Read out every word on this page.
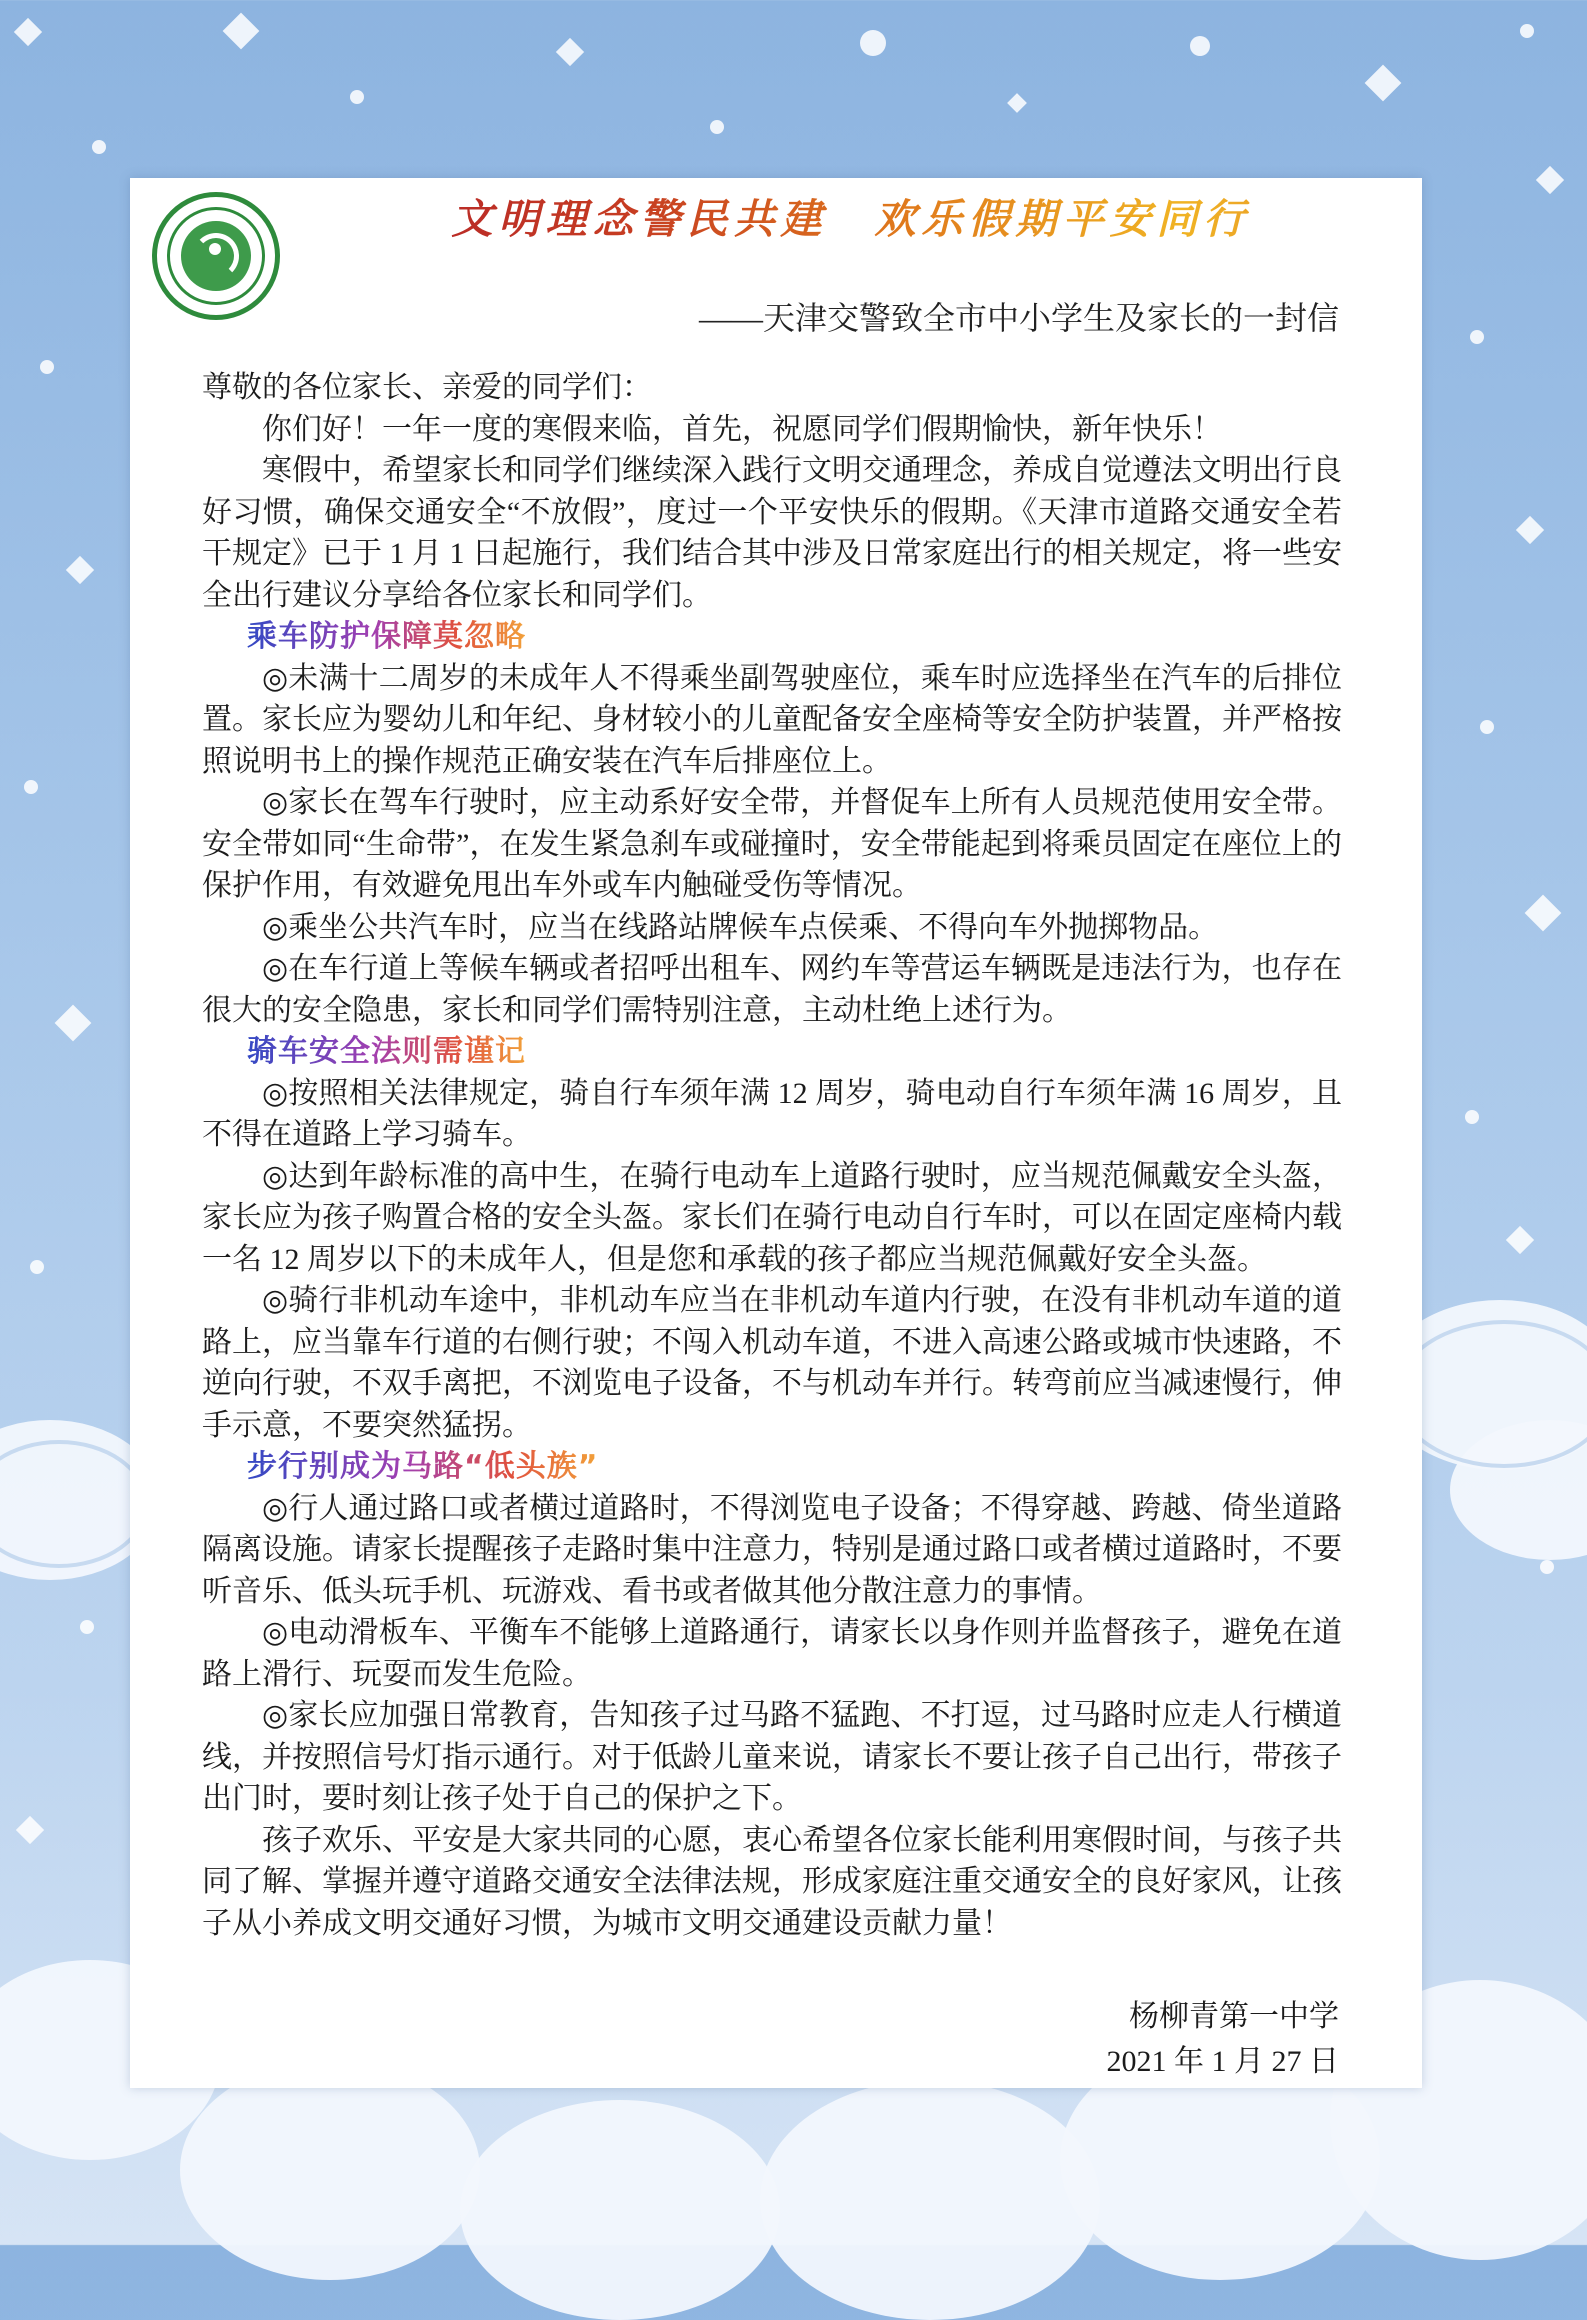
文明理念警民共建　欢乐假期平安同行
——天津交警致全市中小学生及家长的一封信

尊敬的各位家长、亲爱的同学们：

你们好！一年一度的寒假来临，首先，祝愿同学们假期愉快，新年快乐！

寒假中，希望家长和同学们继续深入践行文明交通理念，养成自觉遵法文明出行良好习惯，确保交通安全“不放假”，度过一个平安快乐的假期。《天津市道路交通安全若干规定》已于 1 月 1 日起施行，我们结合其中涉及日常家庭出行的相关规定，将一些安全出行建议分享给各位家长和同学们。

乘车防护保障莫忽略

◎未满十二周岁的未成年人不得乘坐副驾驶座位，乘车时应选择坐在汽车的后排位置。家长应为婴幼儿和年纪、身材较小的儿童配备安全座椅等安全防护装置，并严格按照说明书上的操作规范正确安装在汽车后排座位上。

◎家长在驾车行驶时，应主动系好安全带，并督促车上所有人员规范使用安全带。安全带如同“生命带”，在发生紧急刹车或碰撞时，安全带能起到将乘员固定在座位上的保护作用，有效避免甩出车外或车内触碰受伤等情况。

◎乘坐公共汽车时，应当在线路站牌候车点侯乘、不得向车外抛掷物品。

◎在车行道上等候车辆或者招呼出租车、网约车等营运车辆既是违法行为，也存在很大的安全隐患，家长和同学们需特别注意，主动杜绝上述行为。

骑车安全法则需谨记

◎按照相关法律规定，骑自行车须年满 12 周岁，骑电动自行车须年满 16 周岁，且不得在道路上学习骑车。

◎达到年龄标准的高中生，在骑行电动车上道路行驶时，应当规范佩戴安全头盔，家长应为孩子购置合格的安全头盔。家长们在骑行电动自行车时，可以在固定座椅内载一名 12 周岁以下的未成年人，但是您和承载的孩子都应当规范佩戴好安全头盔。

◎骑行非机动车途中，非机动车应当在非机动车道内行驶，在没有非机动车道的道路上，应当靠车行道的右侧行驶；不闯入机动车道，不进入高速公路或城市快速路，不逆向行驶，不双手离把，不浏览电子设备，不与机动车并行。转弯前应当减速慢行，伸手示意，不要突然猛拐。

步行别成为马路“低头族”

◎行人通过路口或者横过道路时，不得浏览电子设备；不得穿越、跨越、倚坐道路隔离设施。请家长提醒孩子走路时集中注意力，特别是通过路口或者横过道路时，不要听音乐、低头玩手机、玩游戏、看书或者做其他分散注意力的事情。

◎电动滑板车、平衡车不能够上道路通行，请家长以身作则并监督孩子，避免在道路上滑行、玩耍而发生危险。

◎家长应加强日常教育，告知孩子过马路不猛跑、不打逗，过马路时应走人行横道线，并按照信号灯指示通行。对于低龄儿童来说，请家长不要让孩子自己出行，带孩子出门时，要时刻让孩子处于自己的保护之下。

孩子欢乐、平安是大家共同的心愿，衷心希望各位家长能利用寒假时间，与孩子共同了解、掌握并遵守道路交通安全法律法规，形成家庭注重交通安全的良好家风，让孩子从小养成文明交通好习惯，为城市文明交通建设贡献力量！

杨柳青第一中学
2021 年 1 月 27 日
